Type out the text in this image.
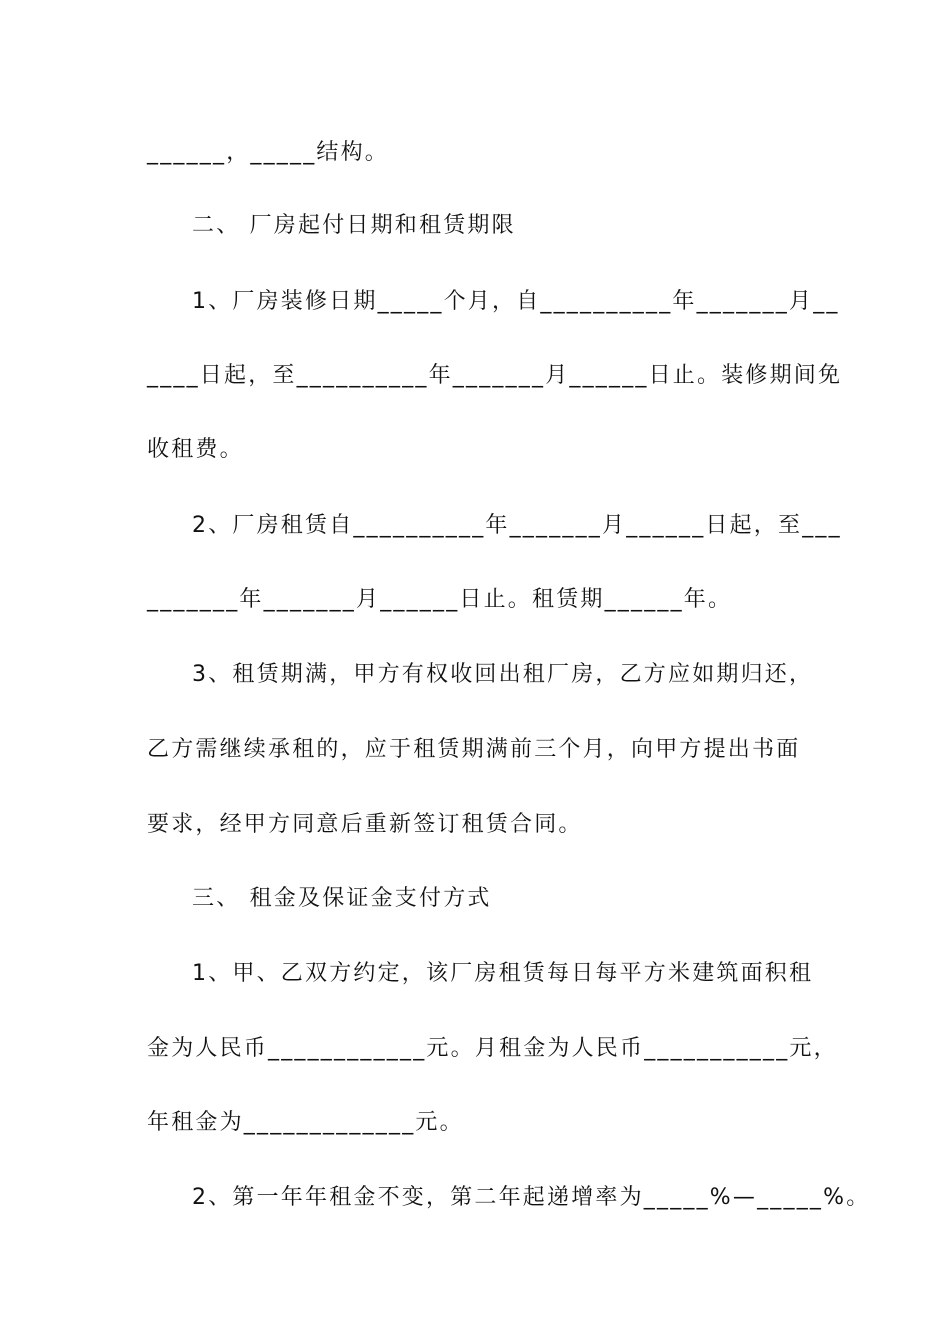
______，_____结构。
二、 厂房起付日期和租赁期限
1、厂房装修日期_____个月，自__________年_______月__
____日起，至__________年_______月______日止。装修期间免
收租费。
2、厂房租赁自__________年_______月______日起，至___
_______年_______月______日止。租赁期______年。
3、租赁期满，甲方有权收回出租厂房，乙方应如期归还，
乙方需继续承租的，应于租赁期满前三个月，向甲方提出书面
要求，经甲方同意后重新签订租赁合同。
三、 租金及保证金支付方式
1、甲、乙双方约定，该厂房租赁每日每平方米建筑面积租
金为人民币____________元。月租金为人民币___________元，
年租金为_____________元。
2、第一年年租金不变，第二年起递增率为_____%—_____%。
